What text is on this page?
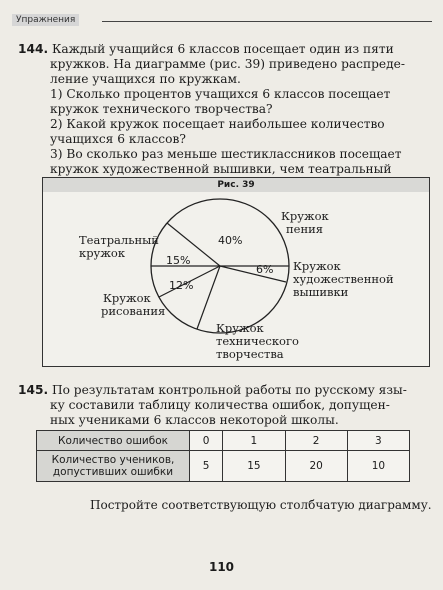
Упражнения
144. Каждый учащийся 6 классов посещает один из пяти
кружков. На диаграмме (рис. 39) приведено распреде-
ление учащихся по кружкам.
1) Сколько процентов учащихся 6 классов посещает
кружок технического творчества?
2) Какой кружок посещает наибольшее количество
учащихся 6 классов?
3) Во сколько раз меньше шестиклассников посещает
кружок художественной вышивки, чем театральный
Рис. 39
40%
6%
12%
15%
Кружок
пения
Кружок
художественной
вышивки
Кружок
технического
творчества
Кружок
рисования
Театральный
кружок
145. По результатам контрольной работы по русскому язы-
ку составили таблицу количества ошибок, допущен-
ных учениками 6 классов некоторой школы.
Количество ошибок	0	1	2	3

Количество учеников,
допустивших ошибки	5	15	20	10
Постройте соответствующую столбчатую диаграмму.
110
